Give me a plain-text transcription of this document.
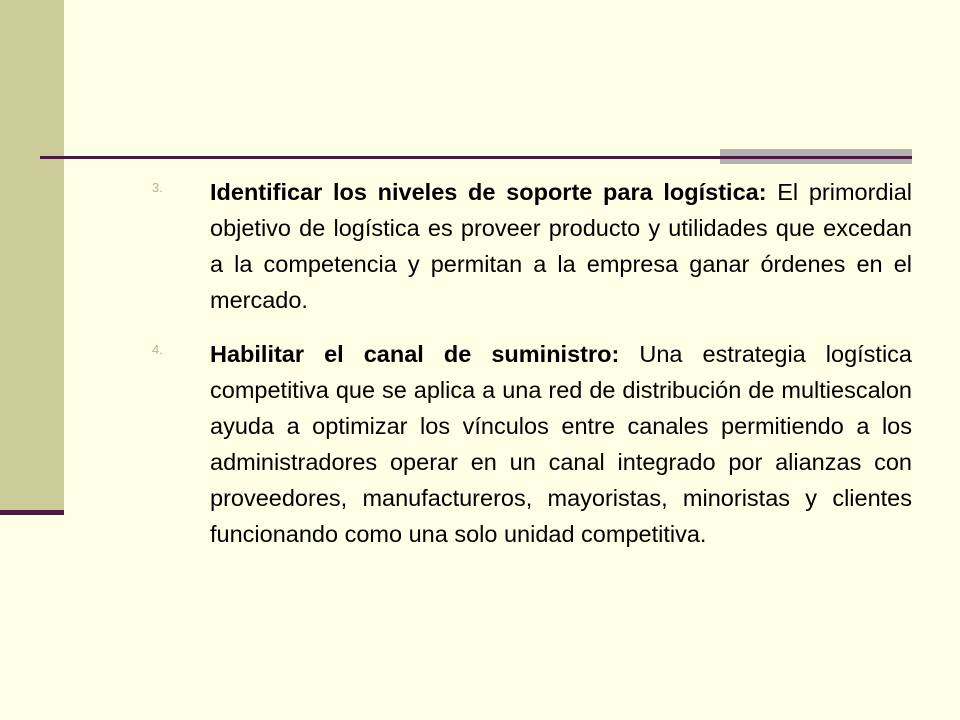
3. Identificar los niveles de soporte para logística: El primordial objetivo de logística es proveer producto y utilidades que excedan a la competencia y permitan a la empresa ganar órdenes en el mercado.

4. Habilitar el canal de suministro: Una estrategia logística competitiva que se aplica a una red de distribución de multiescalon ayuda a optimizar los vínculos entre canales permitiendo a los administradores operar en un canal integrado por alianzas con proveedores, manufactureros, mayoristas, minoristas y clientes funcionando como una solo unidad competitiva.
